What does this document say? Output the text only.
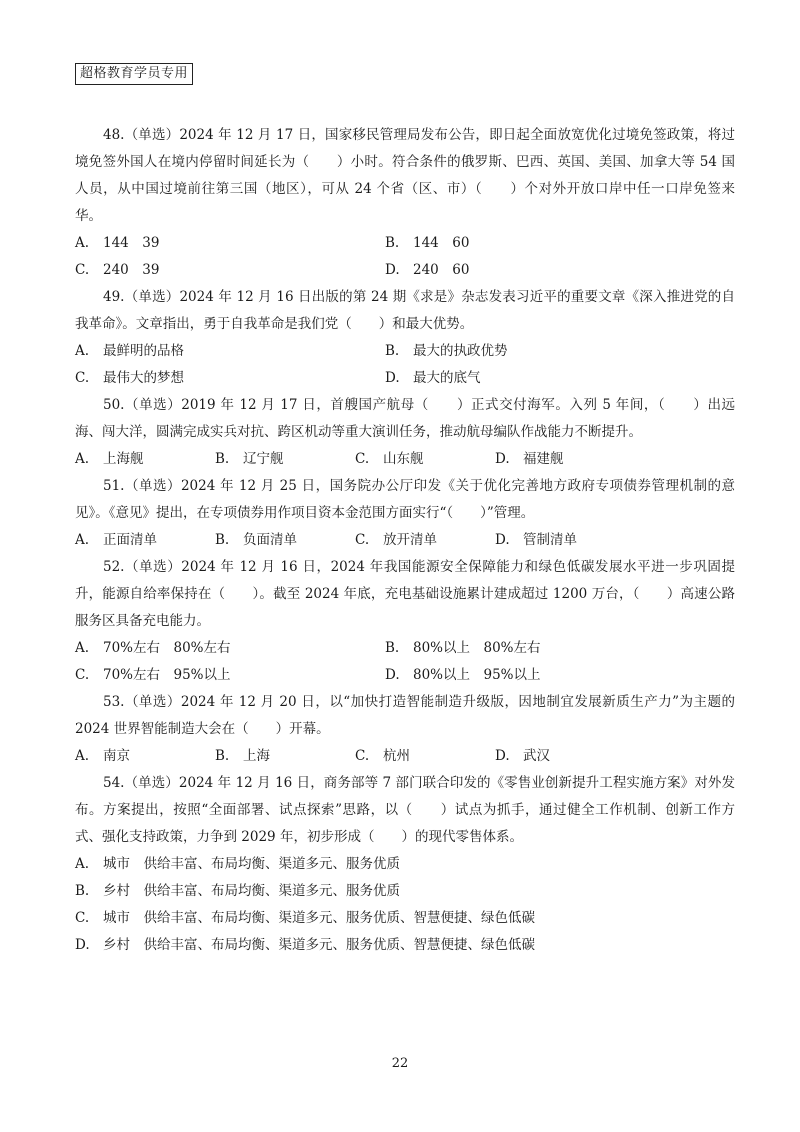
超格教育学员专用

48.（单选）2024 年 12 月 17 日，国家移民管理局发布公告，即日起全面放宽优化过境免签政策，将过境免签外国人在境内停留时间延长为（　　）小时。符合条件的俄罗斯、巴西、英国、美国、加拿大等 54 国人员，从中国过境前往第三国（地区），可从 24 个省（区、市）（　　）个对外开放口岸中任一口岸免签来华。

A.	144　39	B.	144　60
C.	240　39	D. 240　60

49.（单选）2024 年 12 月 16 日出版的第 24 期《求是》杂志发表习近平的重要文章《深入推进党的自我革命》。文章指出，勇于自我革命是我们党（　　）和最大优势。

A.	最鲜明的品格	B.	最大的执政优势
C.	最伟大的梦想	D. 最大的底气

50.（单选）2019 年 12 月 17 日，首艘国产航母（　　）正式交付海军。入列 5 年间，（　　）出远海、闯大洋，圆满完成实兵对抗、跨区机动等重大演训任务，推动航母编队作战能力不断提升。

A.	上海舰	B.	辽宁舰	C.	山东舰	D. 福建舰

51.（单选）2024 年 12 月 25 日，国务院办公厅印发《关于优化完善地方政府专项债券管理机制的意见》。《意见》提出，在专项债券用作项目资本金范围方面实行“（　　）”管理。

A.	正面清单	B.	负面清单	C.	放开清单	D. 管制清单

52.（单选）2024 年 12 月 16 日，2024 年我国能源安全保障能力和绿色低碳发展水平进一步巩固提升，能源自给率保持在（　　）。截至 2024 年底，充电基础设施累计建成超过 1200 万台，（　　）高速公路服务区具备充电能力。

A.	70%左右　80%左右	B.	80%以上　80%左右
C.	70%左右　95%以上	D. 80%以上　95%以上

53.（单选）2024 年 12 月 20 日，以“加快打造智能制造升级版，因地制宜发展新质生产力”为主题的 2024 世界智能制造大会在（　　）开幕。

A.	南京	B.	上海	C.	杭州	D. 武汉

54.（单选）2024 年 12 月 16 日，商务部等 7 部门联合印发的《零售业创新提升工程实施方案》对外发布。方案提出，按照“全面部署、试点探索”思路，以（　　）试点为抓手，通过健全工作机制、创新工作方式、强化支持政策，力争到 2029 年，初步形成（　　）的现代零售体系。

A.	城市　供给丰富、布局均衡、渠道多元、服务优质
B.	乡村　供给丰富、布局均衡、渠道多元、服务优质
C.	城市　供给丰富、布局均衡、渠道多元、服务优质、智慧便捷、绿色低碳
D. 乡村　供给丰富、布局均衡、渠道多元、服务优质、智慧便捷、绿色低碳
22
